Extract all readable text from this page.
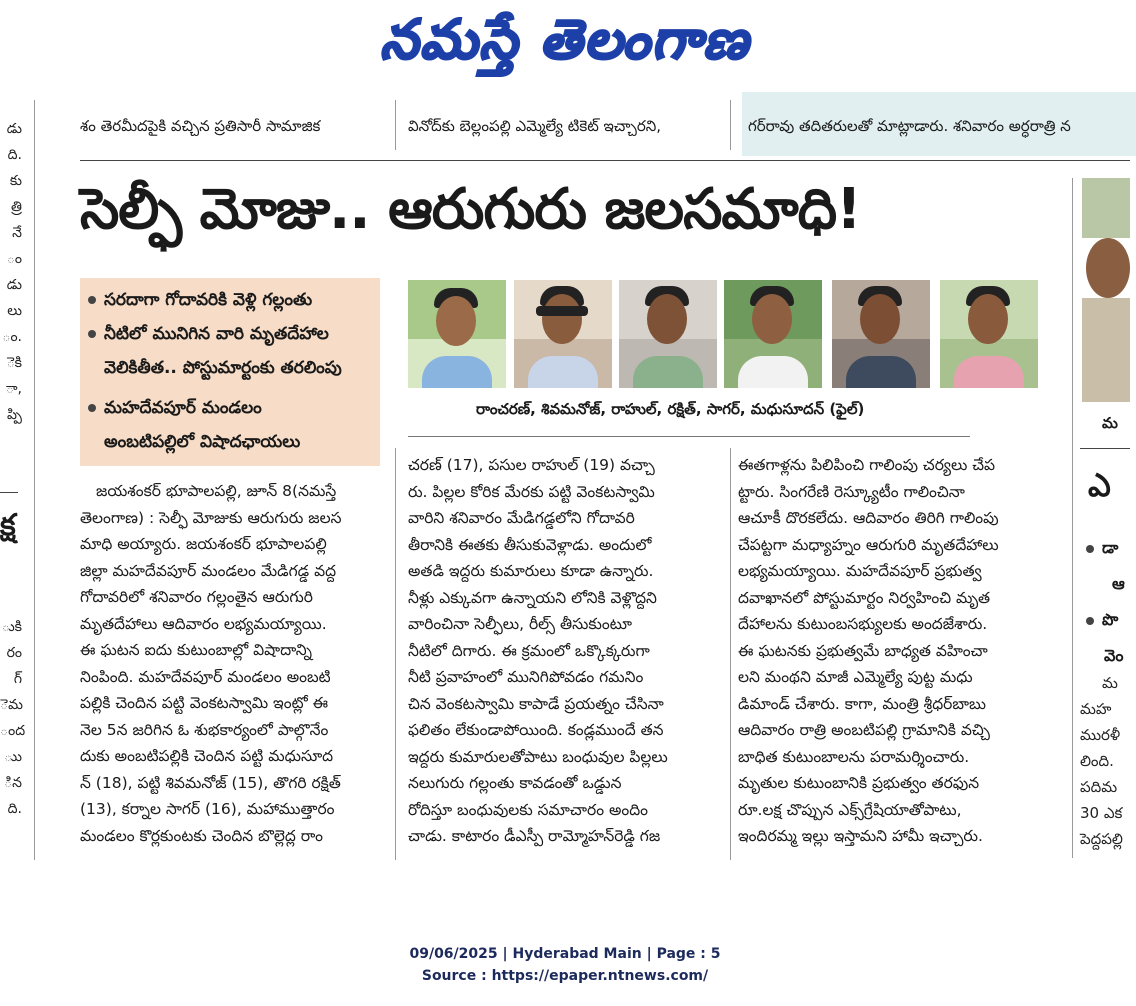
నమస్తే తెలంగాణ
శం తెరమీదపైకి వచ్చిన ప్రతిసారీ సామాజిక	వినోద్‌కు బెల్లంపల్లి ఎమ్మెల్యే టికెట్ ఇచ్చారని,	గర్‌రావు తదితరులతో మాట్లాడారు. శనివారం అర్ధరాత్రి న
డు
ది.
కు
త్రి
నే
ం
డు
లు
ం.
ెకి
ా,
ప్పి
క్ష
ుకి
రం
గ్
ెమ
ంద
ుు
ిన
ది.
సెల్ఫీ మోజు.. ఆరుగురు జలసమాధి!
సరదాగా గోదావరికి వెళ్లి గల్లంతు
నీటిలో మునిగిన వారి మృతదేహాల
వెలికితీత.. పోస్టుమార్టంకు తరలింపు
మహదేవపూర్ మండలం
అంబటిపల్లిలో విషాదఛాయలు
రాంచరణ్, శివమనోజ్, రాహుల్, రక్షిత్, సాగర్, మధుసూదన్ (ఫైల్)
జయశంకర్ భూపాలపల్లి, జూన్ 8(నమస్తే
తెలంగాణ) : సెల్ఫీ మోజుకు ఆరుగురు జలస
మాధి అయ్యారు. జయశంకర్ భూపాలపల్లి
జిల్లా మహదేవపూర్ మండలం మేడిగడ్డ వద్ద
గోదావరిలో శనివారం గల్లంతైన ఆరుగురి
మృతదేహాలు ఆదివారం లభ్యమయ్యాయి.
ఈ ఘటన ఐదు కుటుంబాల్లో విషాదాన్ని
నింపింది. మహదేవపూర్ మండలం అంబటి
పల్లికి చెందిన పట్టి వెంకటస్వామి ఇంట్లో ఈ
నెల 5న జరిగిన ఓ శుభకార్యంలో పాల్గొనేం
దుకు అంబటిపల్లికి చెందిన పట్టి మధుసూద
న్ (18), పట్టి శివమనోజ్ (15), తొగరి రక్షిత్
(13), కర్నాల సాగర్ (16), మహాముత్తారం
మండలం కొర్లకుంటకు చెందిన బొల్లెద్ల రాం
చరణ్ (17), పసుల రాహుల్ (19) వచ్చా
రు. పిల్లల కోరిక మేరకు పట్టి వెంకటస్వామి
వారిని శనివారం మేడిగడ్డలోని గోదావరి
తీరానికి ఈతకు తీసుకువెళ్లాడు. అందులో
అతడి ఇద్దరు కుమారులు కూడా ఉన్నారు.
నీళ్లు ఎక్కువగా ఉన్నాయని లోనికి వెళ్లొద్దని
వారించినా సెల్ఫీలు, రీల్స్ తీసుకుంటూ
నీటిలో దిగారు. ఈ క్రమంలో ఒక్కొక్కరుగా
నీటి ప్రవాహంలో మునిగిపోవడం గమనిం
చిన వెంకటస్వామి కాపాడే ప్రయత్నం చేసినా
ఫలితం లేకుండాపోయింది. కండ్లముందే తన
ఇద్దరు కుమారులతోపాటు బంధువుల పిల్లలు
నలుగురు గల్లంతు కావడంతో ఒడ్డున
రోదిస్తూ బంధువులకు సమాచారం అందిం
చాడు. కాటారం డీఎస్పీ రామ్మోహన్‌రెడ్డి గజ
ఈతగాళ్లను పిలిపించి గాలింపు చర్యలు చేప
ట్టారు. సింగరేణి రెస్క్యూటీం గాలించినా
ఆచూకీ దొరకలేదు. ఆదివారం తిరిగి గాలింపు
చేపట్టగా మధ్యాహ్నం ఆరుగురి మృతదేహాలు
లభ్యమయ్యాయి. మహదేవపూర్ ప్రభుత్వ
దవాఖానలో పోస్టుమార్టం నిర్వహించి మృత
దేహాలను కుటుంబసభ్యులకు అందజేశారు.
ఈ ఘటనకు ప్రభుత్వమే బాధ్యత వహించా
లని మంథని మాజీ ఎమ్మెల్యే పుట్ట మధు
డిమాండ్ చేశారు. కాగా, మంత్రి శ్రీధర్‌బాబు
ఆదివారం రాత్రి అంబటిపల్లి గ్రామానికి వచ్చి
బాధిత కుటుంబాలను పరామర్శించారు.
మృతుల కుటుంబానికి ప్రభుత్వం తరఫున
రూ.లక్ష చొప్పున ఎక్స్‌గ్రేషియాతోపాటు,
ఇందిరమ్మ ఇల్లు ఇస్తామని హామీ ఇచ్చారు.
మ
ఎ
డా
ఆ
పొ
వెం
మ
మహ
మురళీ
లింది.
పదిమ
30 ఎక
పెద్దపల్లి
09/06/2025 | Hyderabad Main | Page : 5
Source : https://epaper.ntnews.com/
